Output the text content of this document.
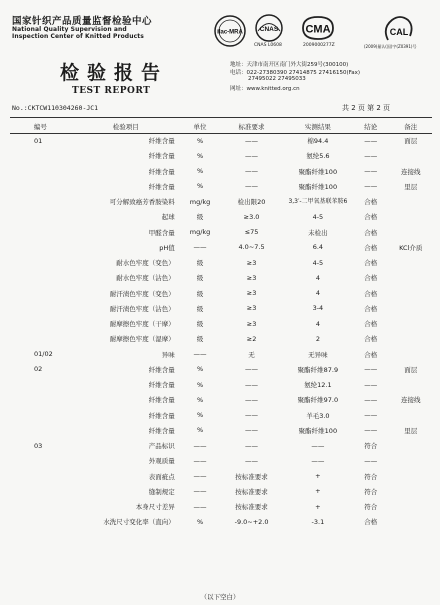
国家针织产品质量监督检验中心
National Quality Supervision and
Inspection Center of Knitted Products
ilac-MRA	CNAS
CNAS L0608
CMA
2009000277Z
CAL
(2009)量认(国)字(Z0391)号
检验报告
TEST REPORT
地址：天津市南开区南门外大街259号(300100)
电话：022-27380390 27414875 27416150(Fax)
27495022 27495033
网址：www.knitted.org.cn
No.:CKTCW110304260-JC1	共 2 页 第 2 页
编号	检验项目	单位	标准要求	实测结果	结论	备注
01	纤维含量	%	——	棉94.4	——	面层
	纤维含量	%	——	氨纶5.6	——	
	纤维含量	%	——	聚酯纤维100	——	连接线
	纤维含量	%	——	聚酯纤维100	——	里层
	可分解致癌芳香胺染料	mg/kg	检出限20	3,3′-二甲氧基联苯胺6	合格	
	起球	级	≥3.0	4-5	合格	
	甲醛含量	mg/kg	≤75	未检出	合格	
	pH值	——	4.0~7.5	6.4	合格	KCl介质
	耐水色牢度（变色）	级	≥3	4-5	合格	
	耐水色牢度（沾色）	级	≥3	4	合格	
	耐汗渍色牢度（变色）	级	≥3	4	合格	
	耐汗渍色牢度（沾色）	级	≥3	3-4	合格	
	耐摩擦色牢度（干摩）	级	≥3	4	合格	
	耐摩擦色牢度（湿摩）	级	≥2	2	合格	
01/02	异味	——	无	无异味	合格	
02	纤维含量	%	——	聚酯纤维87.9	——	面层
	纤维含量	%	——	氨纶12.1	——	
	纤维含量	%	——	聚酯纤维97.0	——	连接线
	纤维含量	%	——	羊毛3.0	——	
	纤维含量	%	——	聚酯纤维100	——	里层
03	产品标识	——	——	——	符合	
	外观质量	——	——	——	——	
	表面疵点	——	按标准要求	+	符合	
	缝制规定	——	按标准要求	+	符合	
	本身尺寸差异	——	按标准要求	+	符合	
	水洗尺寸变化率（直向）	%	-9.0~+2.0	-3.1	合格	
（以下空白）
